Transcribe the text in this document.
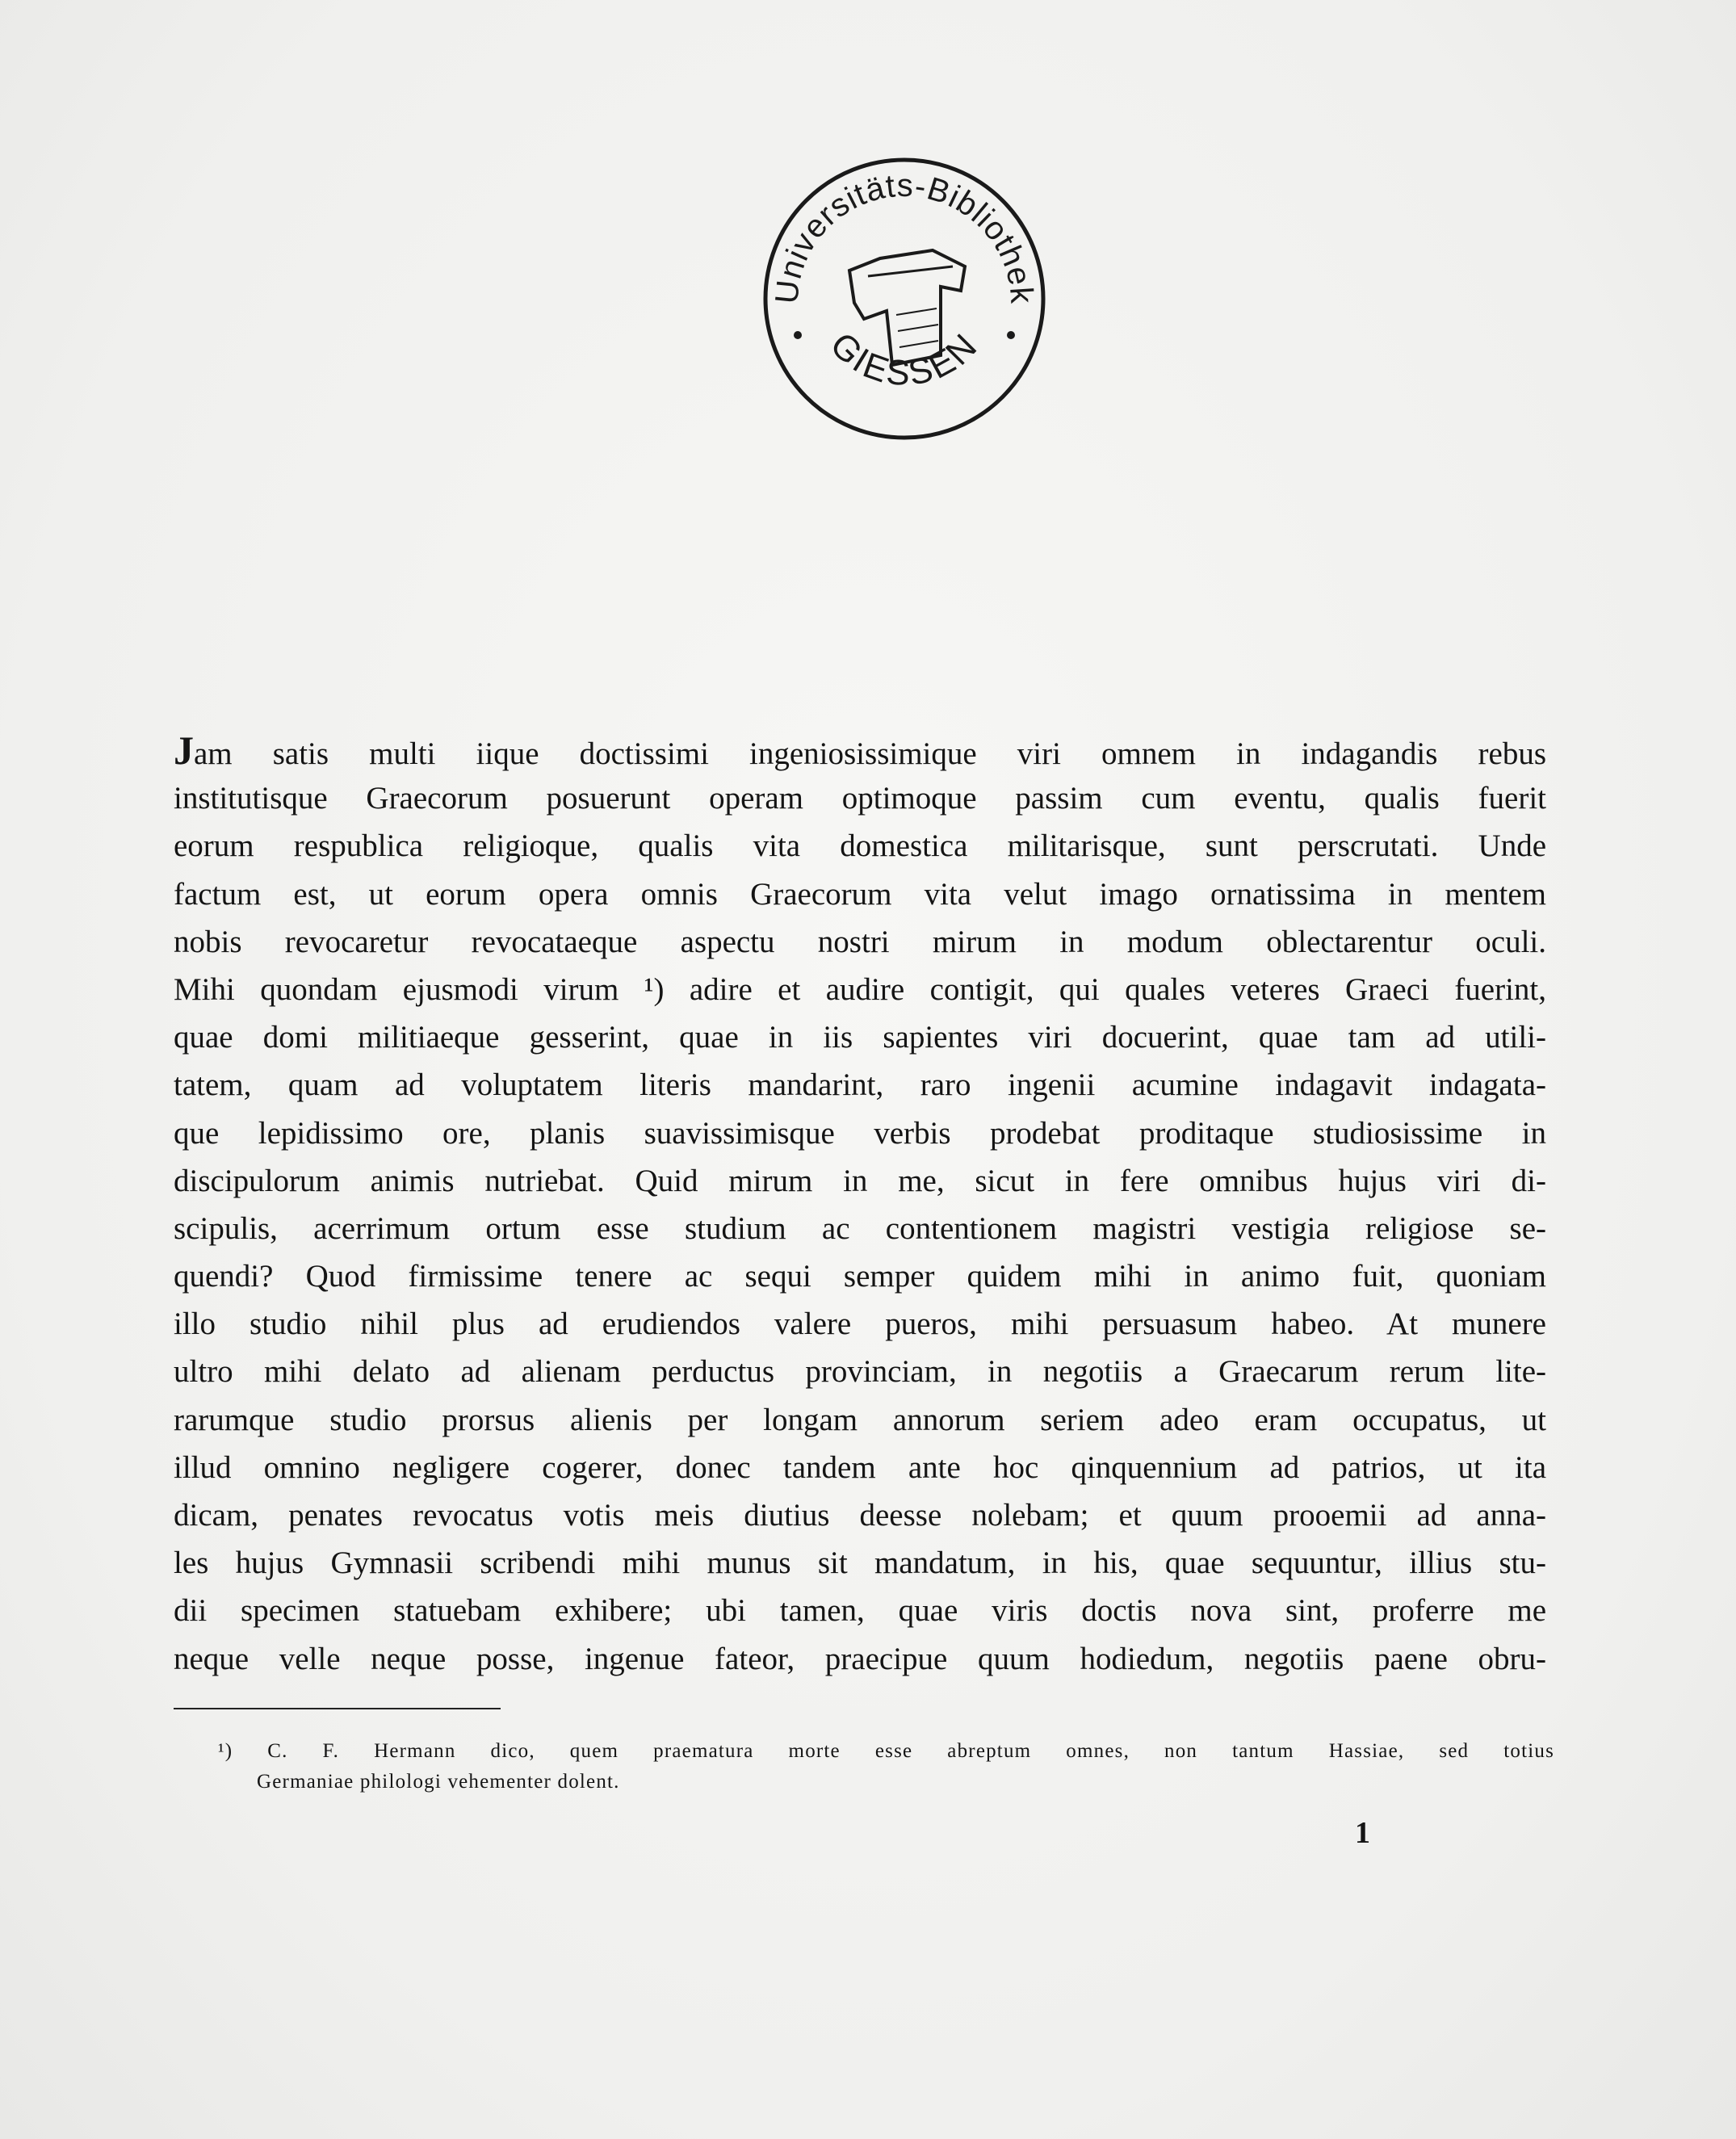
Universitäts-Bibliothek
GIESSEN
Jam satis multi iique doctissimi ingeniosissimique viri omnem in indagandis rebus
institutisque Graecorum posuerunt operam optimoque passim cum eventu, qualis fuerit
eorum respublica religioque, qualis vita domestica militarisque, sunt perscrutati. Unde
factum est, ut eorum opera omnis Graecorum vita velut imago ornatissima in mentem
nobis revocaretur revocataeque aspectu nostri mirum in modum oblectarentur oculi.
Mihi quondam ejusmodi virum ¹) adire et audire contigit, qui quales veteres Graeci fuerint,
quae domi militiaeque gesserint, quae in iis sapientes viri docuerint, quae tam ad utili-
tatem, quam ad voluptatem literis mandarint, raro ingenii acumine indagavit indagata-
que lepidissimo ore, planis suavissimisque verbis prodebat proditaque studiosissime in
discipulorum animis nutriebat. Quid mirum in me, sicut in fere omnibus hujus viri di-
scipulis, acerrimum ortum esse studium ac contentionem magistri vestigia religiose se-
quendi? Quod firmissime tenere ac sequi semper quidem mihi in animo fuit, quoniam
illo studio nihil plus ad erudiendos valere pueros, mihi persuasum habeo. At munere
ultro mihi delato ad alienam perductus provinciam, in negotiis a Graecarum rerum lite-
rarumque studio prorsus alienis per longam annorum seriem adeo eram occupatus, ut
illud omnino negligere cogerer, donec tandem ante hoc qinquennium ad patrios, ut ita
dicam, penates revocatus votis meis diutius deesse nolebam; et quum prooemii ad anna-
les hujus Gymnasii scribendi mihi munus sit mandatum, in his, quae sequuntur, illius stu-
dii specimen statuebam exhibere; ubi tamen, quae viris doctis nova sint, proferre me
neque velle neque posse, ingenue fateor, praecipue quum hodiedum, negotiis paene obru-
¹) C. F. Hermann dico, quem praematura morte esse abreptum omnes, non tantum Hassiae, sed totius
Germaniae philologi vehementer dolent.
1
